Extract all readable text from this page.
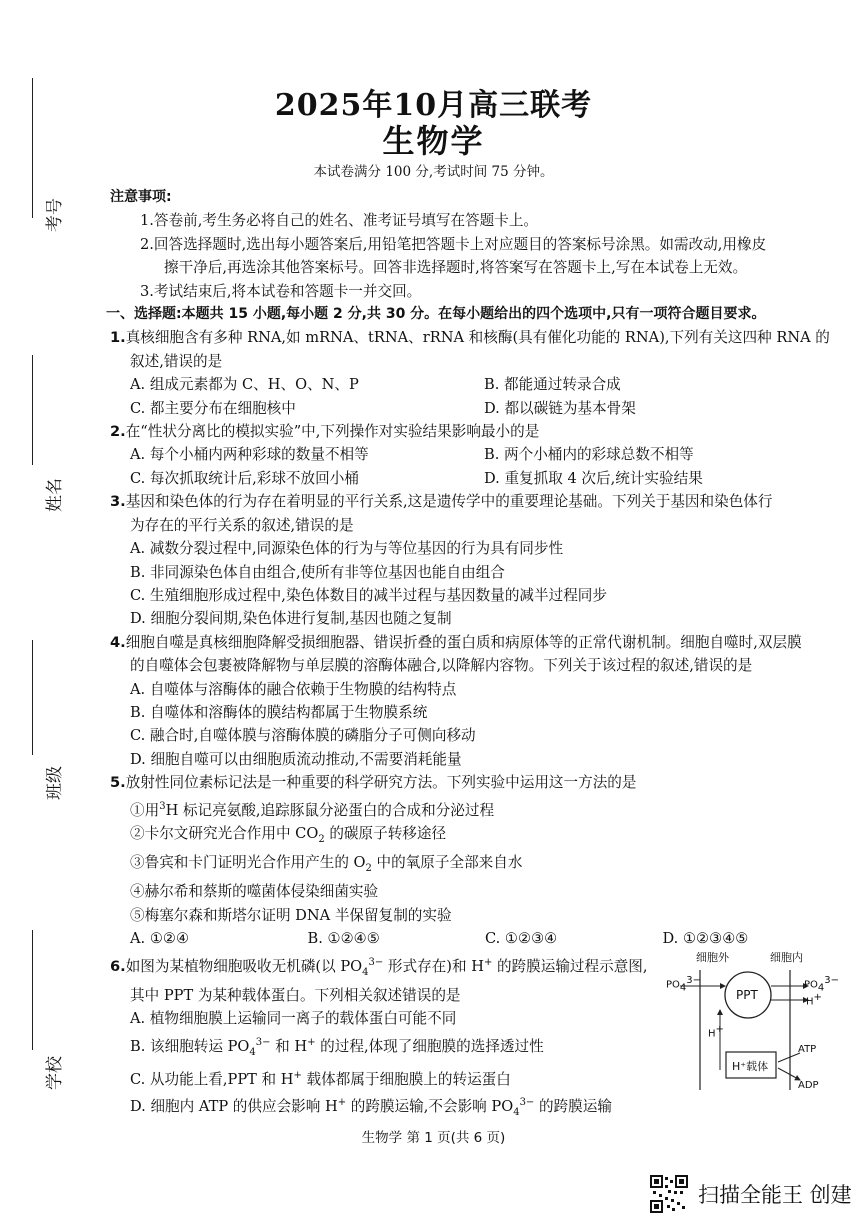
考号
姓名
班级
学校
2025年10月高三联考
生物学
本试卷满分 100 分,考试时间 75 分钟。
注意事项:
1.答卷前,考生务必将自己的姓名、准考证号填写在答题卡上。
2.回答选择题时,选出每小题答案后,用铅笔把答题卡上对应题目的答案标号涂黑。如需改动,用橡皮
擦干净后,再选涂其他答案标号。回答非选择题时,将答案写在答题卡上,写在本试卷上无效。
3.考试结束后,将本试卷和答题卡一并交回。
一、选择题:本题共 15 小题,每小题 2 分,共 30 分。在每小题给出的四个选项中,只有一项符合题目要求。
1.真核细胞含有多种 RNA,如 mRNA、tRNA、rRNA 和核酶(具有催化功能的 RNA),下列有关这四种 RNA 的
叙述,错误的是
A. 组成元素都为 C、H、O、N、P	B. 都能通过转录合成
C. 都主要分布在细胞核中	D. 都以碳链为基本骨架
2.在“性状分离比的模拟实验”中,下列操作对实验结果影响最小的是
A. 每个小桶内两种彩球的数量不相等	B. 两个小桶内的彩球总数不相等
C. 每次抓取统计后,彩球不放回小桶	D. 重复抓取 4 次后,统计实验结果
3.基因和染色体的行为存在着明显的平行关系,这是遗传学中的重要理论基础。下列关于基因和染色体行
为存在的平行关系的叙述,错误的是
A. 减数分裂过程中,同源染色体的行为与等位基因的行为具有同步性
B. 非同源染色体自由组合,使所有非等位基因也能自由组合
C. 生殖细胞形成过程中,染色体数目的减半过程与基因数量的减半过程同步
D. 细胞分裂间期,染色体进行复制,基因也随之复制
4.细胞自噬是真核细胞降解受损细胞器、错误折叠的蛋白质和病原体等的正常代谢机制。细胞自噬时,双层膜
的自噬体会包裹被降解物与单层膜的溶酶体融合,以降解内容物。下列关于该过程的叙述,错误的是
A. 自噬体与溶酶体的融合依赖于生物膜的结构特点
B. 自噬体和溶酶体的膜结构都属于生物膜系统
C. 融合时,自噬体膜与溶酶体膜的磷脂分子可侧向移动
D. 细胞自噬可以由细胞质流动推动,不需要消耗能量
5.放射性同位素标记法是一种重要的科学研究方法。下列实验中运用这一方法的是
①用$^3$H 标记亮氨酸,追踪豚鼠分泌蛋白的合成和分泌过程
②卡尔文研究光合作用中 $CO_2$ 的碳原子转移途径
③鲁宾和卡门证明光合作用产生的 $O_2$ 中的氧原子全部来自水
④赫尔希和蔡斯的噬菌体侵染细菌实验
⑤梅塞尔森和斯塔尔证明 DNA 半保留复制的实验
A. ①②④	B. ①②④⑤	C. ①②③④	D. ①②③④⑤
6.如图为某植物细胞吸收无机磷(以 $PO_4^{3-}$ 形式存在)和 H+ 的跨膜运输过程示意图,
其中 PPT 为某种载体蛋白。下列相关叙述错误的是
A. 植物细胞膜上运输同一离子的载体蛋白可能不同
B. 该细胞转运 $PO_4^{3-}$ 和 H+ 的过程,体现了细胞膜的选择透过性
C. 从功能上看,PPT 和 H+ 载体都属于细胞膜上的转运蛋白
D. 细胞内 ATP 的供应会影响 H+ 的跨膜运输,不会影响 $PO_4^{3-}$ 的跨膜运输
细胞外	细胞内
PPT
$PO_4^{3-}$	$PO_4^{3-}$
H+
H+
H⁺载体
ATP
ADP
生物学 第 1 页(共 6 页)
扫描全能王 创建
